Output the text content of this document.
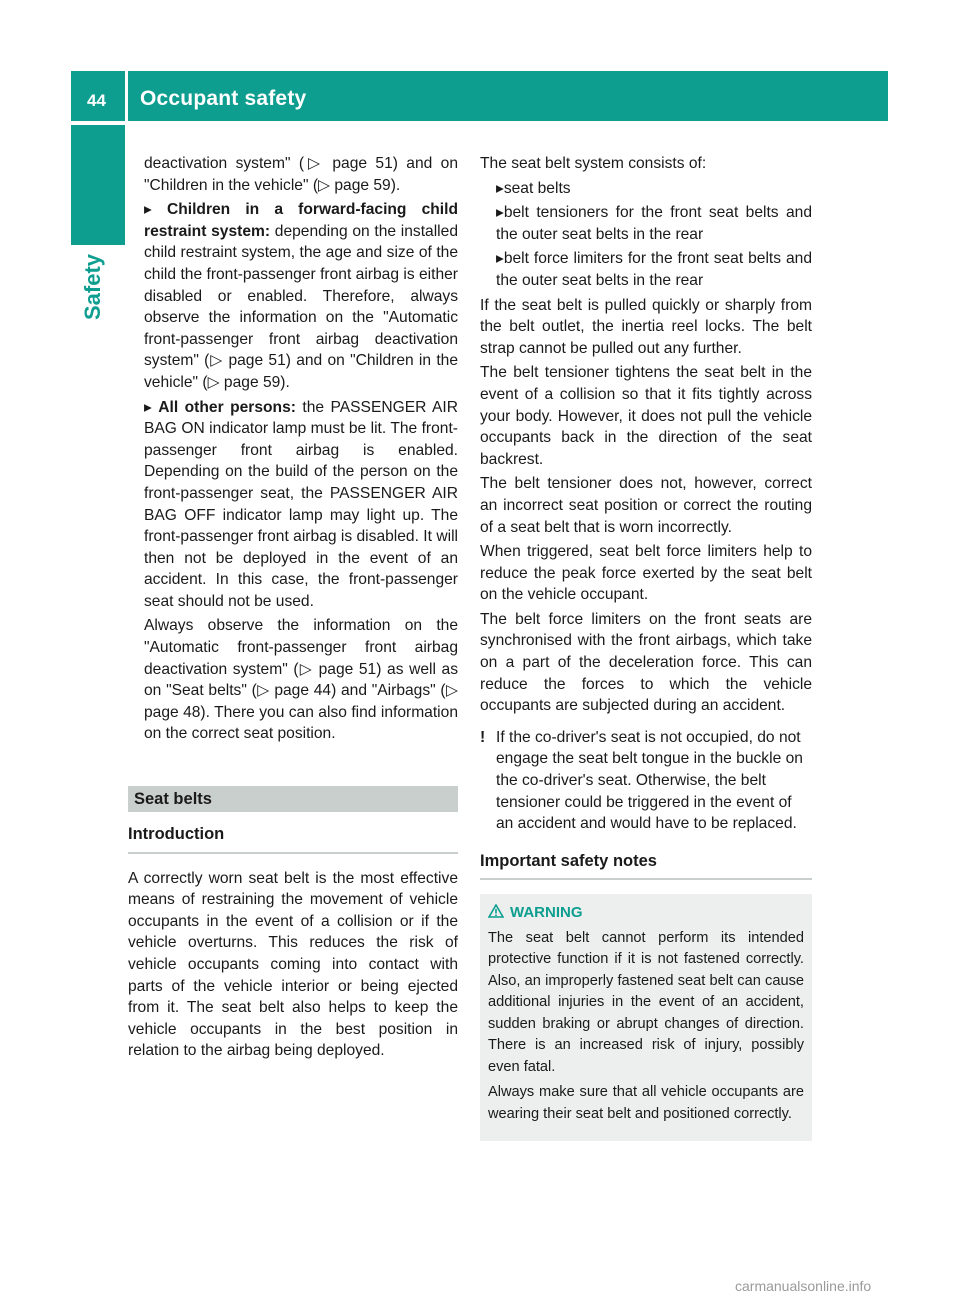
44 Occupant safety
Safety

deactivation system" (▷ page 51) and on "Children in the vehicle" (▷ page 59).

▸ Children in a forward-facing child restraint system: depending on the installed child restraint system, the age and size of the child the front-passenger front airbag is either disabled or enabled. Therefore, always observe the information on the "Automatic front-passenger front airbag deactivation system" (▷ page 51) and on "Children in the vehicle" (▷ page 59).
▸ All other persons: the PASSENGER AIR BAG ON indicator lamp must be lit. The front-passenger front airbag is enabled. Depending on the build of the person on the front-passenger seat, the PASSENGER AIR BAG OFF indicator lamp may light up. The front-passenger front airbag is disabled. It will then not be deployed in the event of an accident. In this case, the front-passenger seat should not be used.

Always observe the information on the "Automatic front-passenger front airbag deactivation system" (▷ page 51) as well as on "Seat belts" (▷ page 44) and "Airbags" (▷ page 48). There you can also find information on the correct seat position.

Seat belts
Introduction

A correctly worn seat belt is the most effective means of restraining the movement of vehicle occupants in the event of a collision or if the vehicle overturns. This reduces the risk of vehicle occupants coming into contact with parts of the vehicle interior or being ejected from it. The seat belt also helps to keep the vehicle occupants in the best position in relation to the airbag being deployed.

The seat belt system consists of:

▸ seat belts
▸ belt tensioners for the front seat belts and the outer seat belts in the rear
▸ belt force limiters for the front seat belts and the outer seat belts in the rear

If the seat belt is pulled quickly or sharply from the belt outlet, the inertia reel locks. The belt strap cannot be pulled out any further.

The belt tensioner tightens the seat belt in the event of a collision so that it fits tightly across your body. However, it does not pull the vehicle occupants back in the direction of the seat backrest.

The belt tensioner does not, however, correct an incorrect seat position or correct the routing of a seat belt that is worn incorrectly.

When triggered, seat belt force limiters help to reduce the peak force exerted by the seat belt on the vehicle occupant.

The belt force limiters on the front seats are synchronised with the front airbags, which take on a part of the deceleration force. This can reduce the forces to which the vehicle occupants are subjected during an accident.

! If the co-driver's seat is not occupied, do not engage the seat belt tongue in the buckle on the co-driver's seat. Otherwise, the belt tensioner could be triggered in the event of an accident and would have to be replaced.
Important safety notes
WARNING

The seat belt cannot perform its intended protective function if it is not fastened correctly. Also, an improperly fastened seat belt can cause additional injuries in the event of an accident, sudden braking or abrupt changes of direction. There is an increased risk of injury, possibly even fatal.

Always make sure that all vehicle occupants are wearing their seat belt and positioned correctly.

carmanualsonline.info
